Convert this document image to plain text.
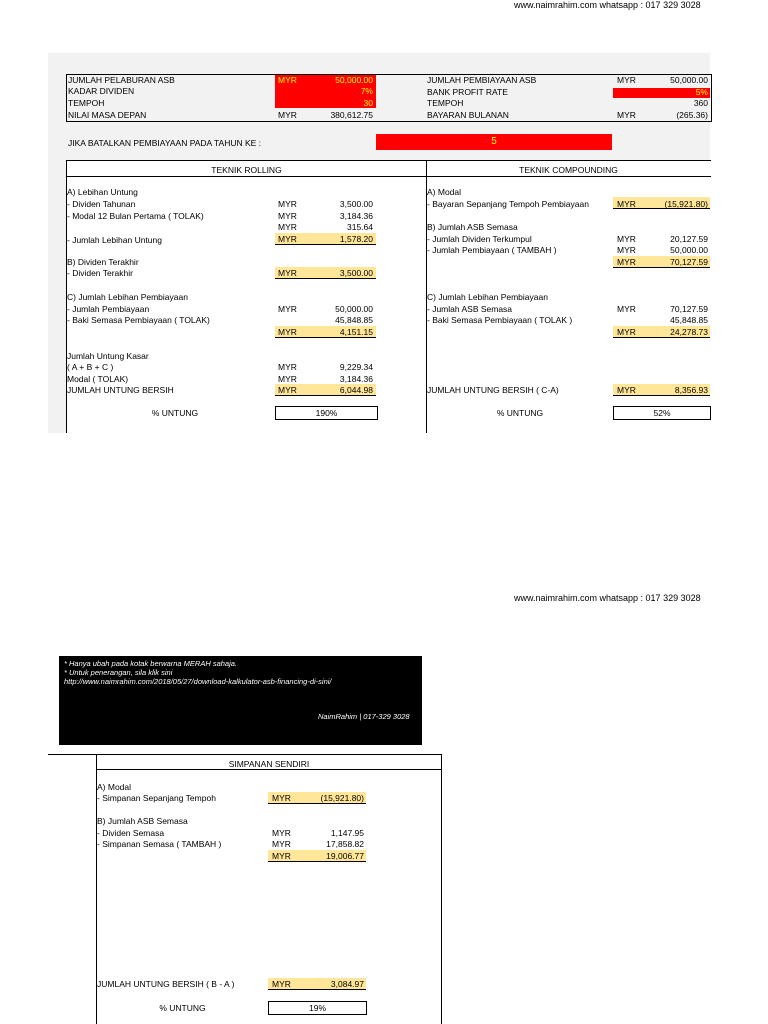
www.naimrahim.com whatsapp : 017 329 3028
JUMLAH PELABURAN ASB	MYR	50,000.00
KADAR DIVIDEN	7%
TEMPOH	30
NILAI MASA DEPAN	MYR	380,612.75
JUMLAH PEMBIAYAAN ASB	MYR	50,000.00
BANK PROFIT RATE	5%
TEMPOH	360
BAYARAN BULANAN	MYR	(265.36)
JIKA BATALKAN PEMBIAYAAN PADA TAHUN KE :	5
TEKNIK ROLLING	TEKNIK COMPOUNDING
A) Lebihan Untung
- Dividen Tahunan	MYR	3,500.00
- Modal 12 Bulan Pertama ( TOLAK)	MYR	3,184.36
MYR	315.64
- Jumlah Lebihan Untung	MYR	1,578.20
B) Dividen Terakhir
- Dividen Terakhir	MYR	3,500.00
C) Jumlah Lebihan Pembiayaan
- Jumlah Pembiayaan	MYR	50,000.00
- Baki Semasa Pembiayaan ( TOLAK)	45,848.85
MYR	4,151.15
Jumlah Untung Kasar
( A + B + C )	MYR	9,229.34
Modal ( TOLAK)	MYR	3,184.36
JUMLAH UNTUNG BERSIH	MYR	6,044.98
% UNTUNG	190%
A) Modal
- Bayaran Sepanjang Tempoh Pembiayaan	MYR	(15,921.80)
B) Jumlah ASB Semasa
- Jumlah Dividen Terkumpul	MYR	20,127.59
- Jumlah Pembiayaan ( TAMBAH )	MYR	50,000.00
MYR	70,127.59
C) Jumlah Lebihan Pembiayaan
- Jumlah ASB Semasa	MYR	70,127.59
- Baki Semasa Pembiayaan ( TOLAK )	45,848.85
MYR	24,278.73
JUMLAH UNTUNG BERSIH ( C-A)	MYR	8,356.93
% UNTUNG	52%
www.naimrahim.com whatsapp : 017 329 3028
* Hanya ubah pada kotak berwarna MERAH sahaja.
* Untuk penerangan, sila klik sini
http://www.naimrahim.com/2018/05/27/download-kalkulator-asb-financing-di-sini/
NaimRahim | 017-329 3028
SIMPANAN SENDIRI
A) Modal
- Simpanan Sepanjang Tempoh	MYR	(15,921.80)
B) Jumlah ASB Semasa
- Dividen Semasa	MYR	1,147.95
- Simpanan Semasa ( TAMBAH )	MYR	17,858.82
MYR	19,006.77
JUMLAH UNTUNG BERSIH ( B - A )	MYR	3,084.97
% UNTUNG	19%
